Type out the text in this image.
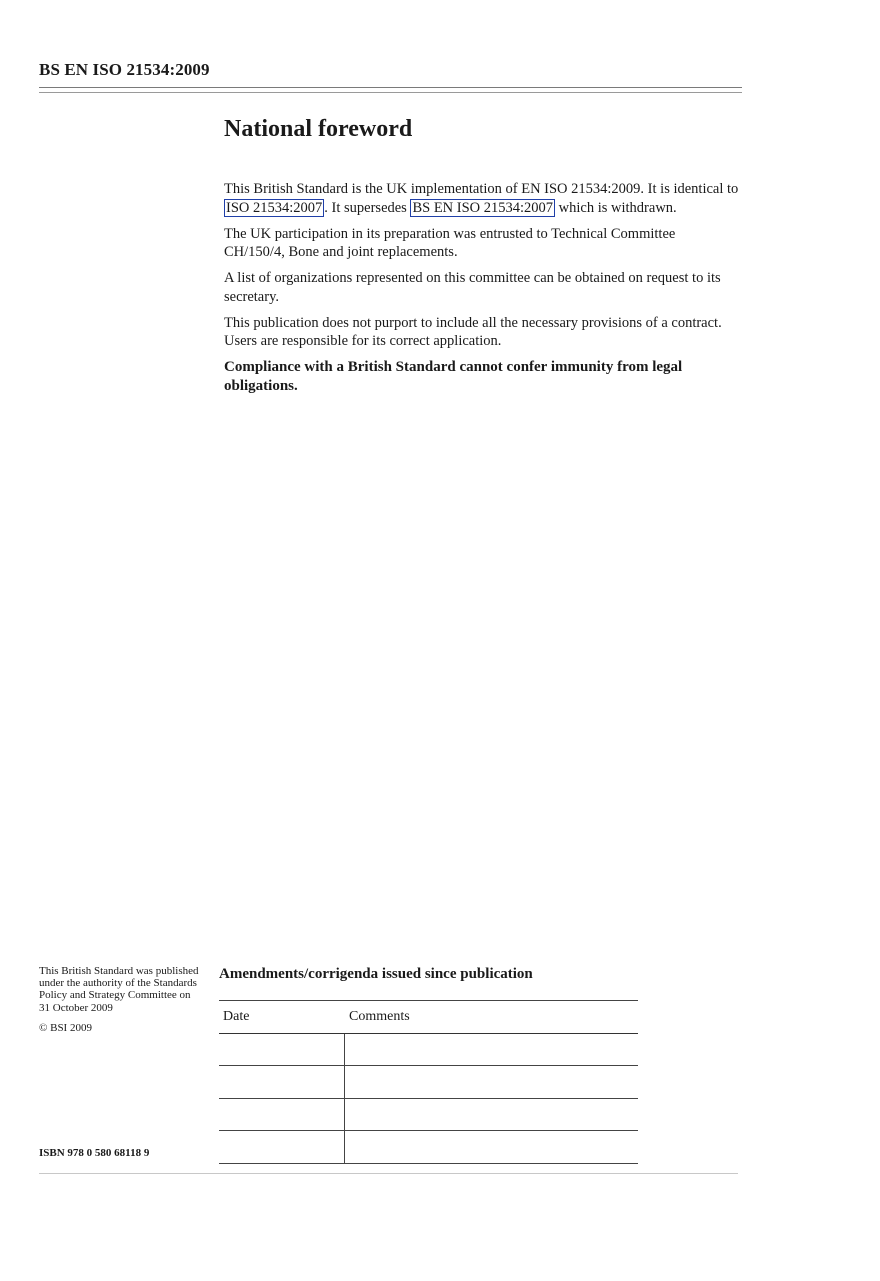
BS EN ISO 21534:2009
National foreword

This British Standard is the UK implementation of EN ISO 21534:2009. It is identical to ISO 21534:2007 . It supersedes BS EN ISO 21534:2007 which is withdrawn.

The UK participation in its preparation was entrusted to Technical Committee CH/150/4, Bone and joint replacements.

A list of organizations represented on this committee can be obtained on request to its secretary.

This publication does not purport to include all the necessary provisions of a contract. Users are responsible for its correct application.

Compliance with a British Standard cannot confer immunity from legal obligations.

This British Standard was published under the authority of the Standards Policy and Strategy Committee on 31 October 2009

© BSI 2009

ISBN 978 0 580 68118 9
Amendments/corrigenda issued since publication
Date	Comments
